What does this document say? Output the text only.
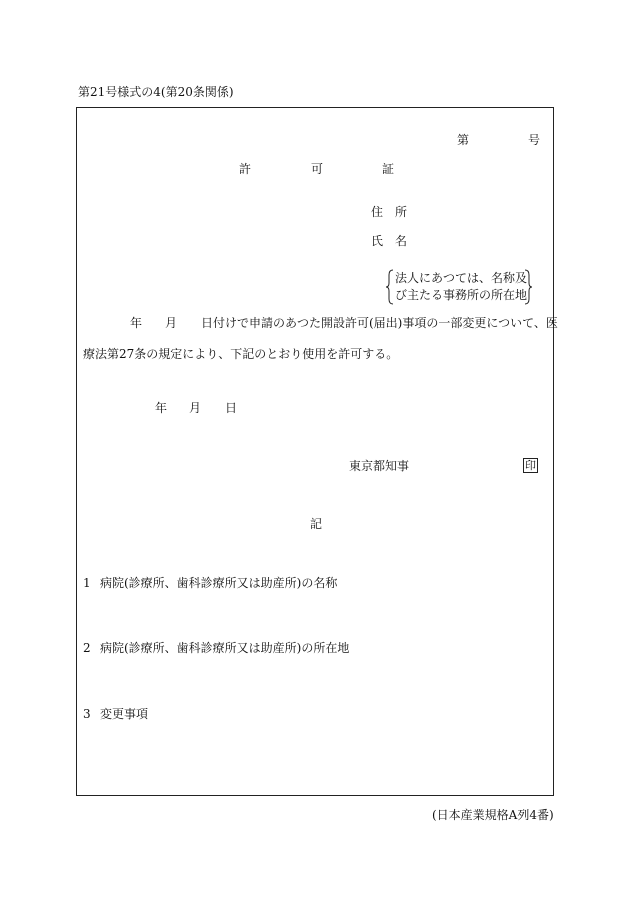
第21号様式の4(第20条関係)
第	号
許	可	証
住　所
氏　名
法人にあつては、名称及
び主たる事務所の所在地
年 月 日付けで申請のあつた開設許可(届出)事項の一部変更について、医
療法第27条の規定により、下記のとおり使用を許可する。
年 月 日
東京都知事	印
記
1 病院(診療所、歯科診療所又は助産所)の名称
2 病院(診療所、歯科診療所又は助産所)の所在地
3 変更事項
(日本産業規格A列4番)
